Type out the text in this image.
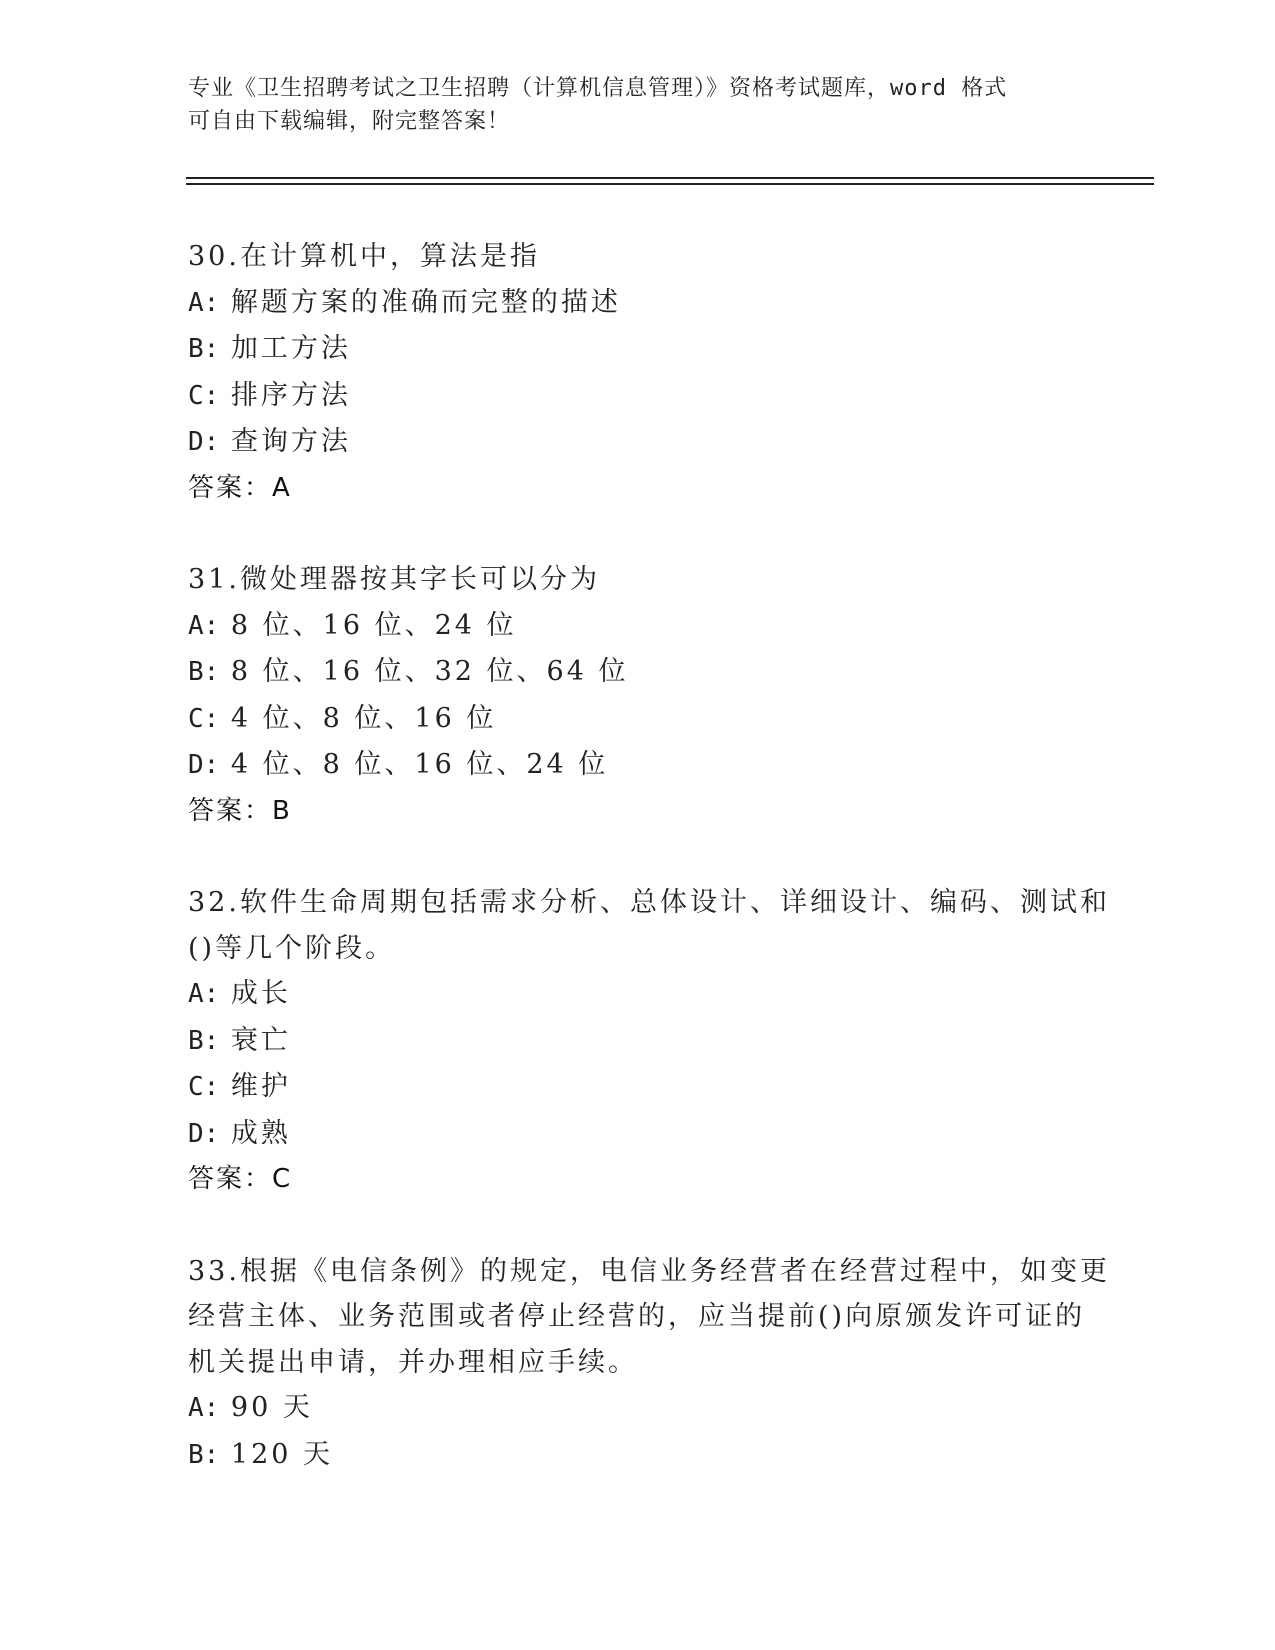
专业《卫生招聘考试之卫生招聘（计算机信息管理）》资格考试题库，word 格式
可自由下载编辑，附完整答案！
30.在计算机中，算法是指
A: 解题方案的准确而完整的描述
B: 加工方法
C: 排序方法
D: 查询方法
答案：A
31.微处理器按其字长可以分为
A: 8 位、16 位、24 位
B: 8 位、16 位、32 位、64 位
C: 4 位、8 位、16 位
D: 4 位、8 位、16 位、24 位
答案：B
32.软件生命周期包括需求分析、总体设计、详细设计、编码、测试和
()等几个阶段。
A: 成长
B: 衰亡
C: 维护
D: 成熟
答案：C
33.根据《电信条例》的规定，电信业务经营者在经营过程中，如变更
经营主体、业务范围或者停止经营的，应当提前()向原颁发许可证的
机关提出申请，并办理相应手续。
A: 90 天
B: 120 天
